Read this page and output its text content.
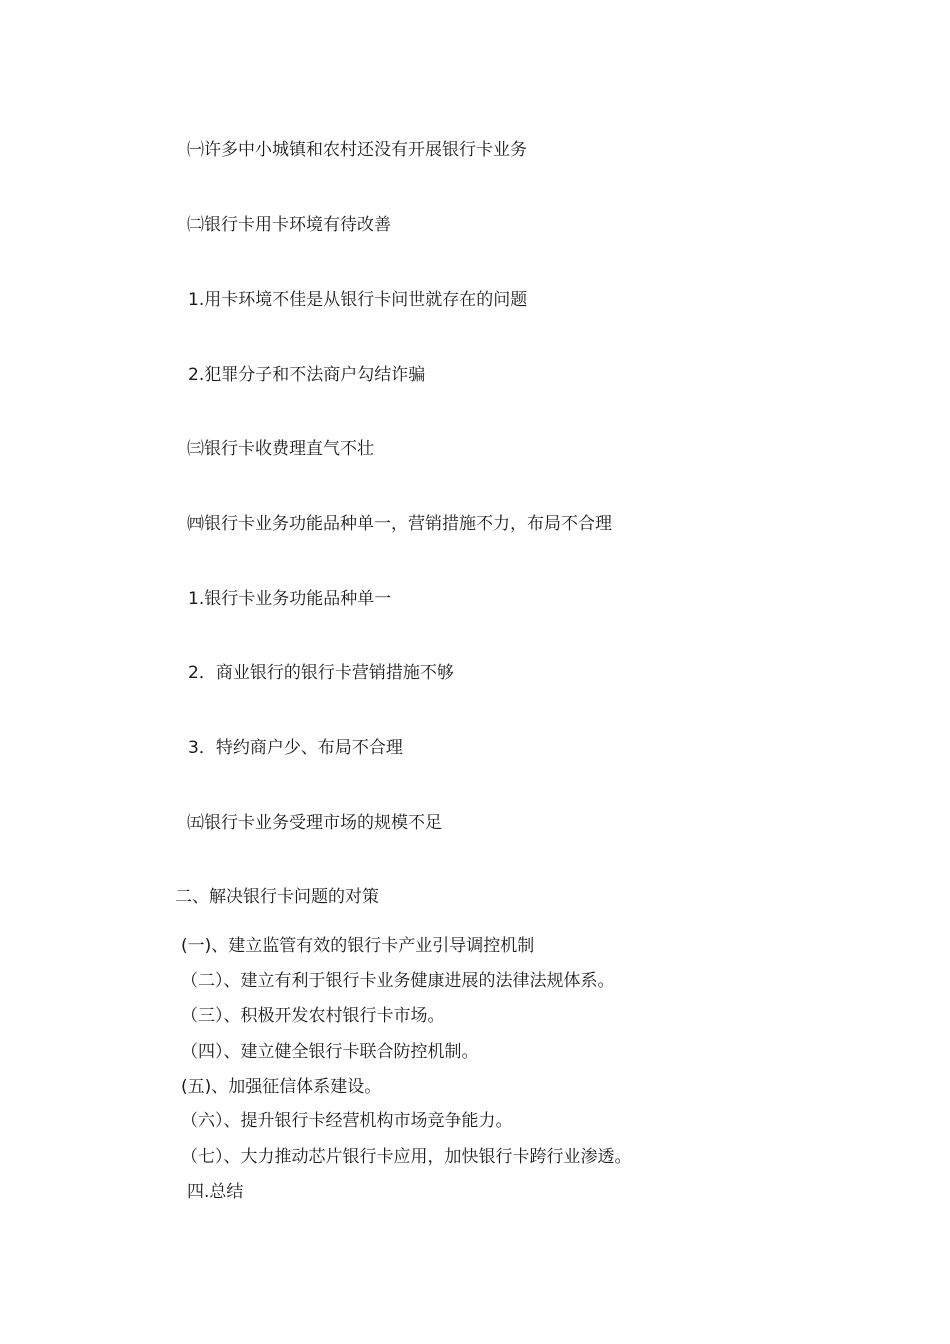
㈠许多中小城镇和农村还没有开展银行卡业务
㈡银行卡用卡环境有待改善
1.用卡环境不佳是从银行卡问世就存在的问题
2.犯罪分子和不法商户勾结诈骗
㈢银行卡收费理直气不壮
㈣银行卡业务功能品种单一，营销措施不力，布局不合理
1.银行卡业务功能品种单一
2．商业银行的银行卡营销措施不够
3．特约商户少、布局不合理
㈤银行卡业务受理市场的规模不足
二、解决银行卡问题的对策
(一)、建立监管有效的银行卡产业引导调控机制
（二）、建立有利于银行卡业务健康进展的法律法规体系。
（三）、积极开发农村银行卡市场。
（四）、建立健全银行卡联合防控机制。
(五)、加强征信体系建设。
（六）、提升银行卡经营机构市场竞争能力。
（七）、大力推动芯片银行卡应用，加快银行卡跨行业渗透。
四.总结
